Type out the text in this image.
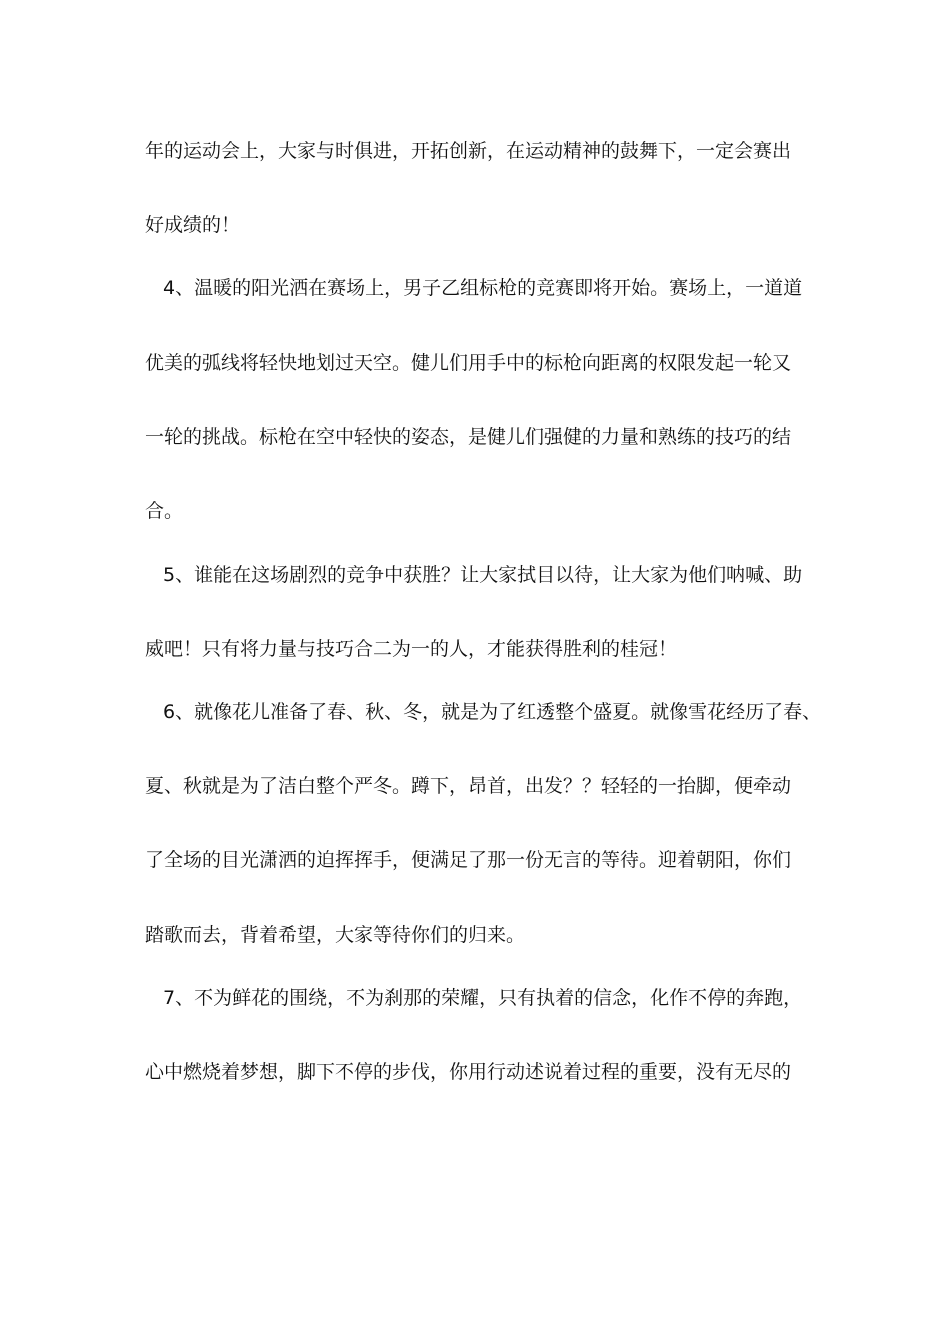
年的运动会上，大家与时俱进，开拓创新，在运动精神的鼓舞下，一定会赛出
好成绩的！
4、温暖的阳光洒在赛场上，男子乙组标枪的竞赛即将开始。赛场上，一道道
优美的弧线将轻快地划过天空。健儿们用手中的标枪向距离的权限发起一轮又
一轮的挑战。标枪在空中轻快的姿态，是健儿们强健的力量和熟练的技巧的结
合。
5、谁能在这场剧烈的竞争中获胜？让大家拭目以待，让大家为他们呐喊、助
威吧！只有将力量与技巧合二为一的人，才能获得胜利的桂冠！
6、就像花儿准备了春、秋、冬，就是为了红透整个盛夏。就像雪花经历了春、
夏、秋就是为了洁白整个严冬。蹲下，昂首，出发？？轻轻的一抬脚，便牵动
了全场的目光潇洒的迫挥挥手，便满足了那一份无言的等待。迎着朝阳，你们
踏歌而去，背着希望，大家等待你们的归来。
7、不为鲜花的围绕，不为刹那的荣耀，只有执着的信念，化作不停的奔跑，
心中燃烧着梦想，脚下不停的步伐，你用行动述说着过程的重要，没有无尽的
